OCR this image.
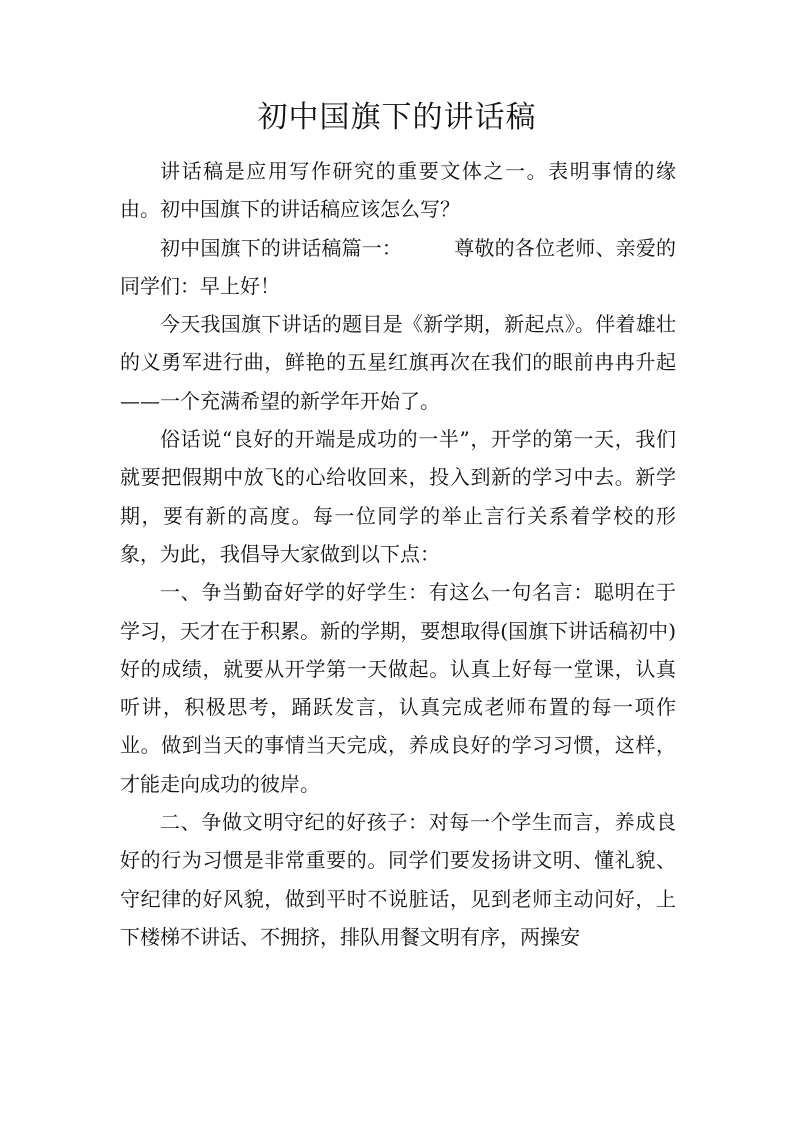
初中国旗下的讲话稿

讲话稿是应用写作研究的重要文体之一。表明事情的缘由。初中国旗下的讲话稿应该怎么写？

初中国旗下的讲话稿篇一：	尊敬的各位老师、亲爱的同学们：早上好！

今天我国旗下讲话的题目是《新学期，新起点》。伴着雄壮的义勇军进行曲，鲜艳的五星红旗再次在我们的眼前冉冉升起——一个充满希望的新学年开始了。

俗话说“良好的开端是成功的一半”，开学的第一天，我们就要把假期中放飞的心给收回来，投入到新的学习中去。新学期，要有新的高度。每一位同学的举止言行关系着学校的形象，为此，我倡导大家做到以下点：

一、争当勤奋好学的好学生：有这么一句名言：聪明在于学习，天才在于积累。新的学期，要想取得(国旗下讲话稿初中)好的成绩，就要从开学第一天做起。认真上好每一堂课，认真听讲，积极思考，踊跃发言，认真完成老师布置的每一项作业。做到当天的事情当天完成，养成良好的学习习惯，这样，才能走向成功的彼岸。

二、争做文明守纪的好孩子：对每一个学生而言，养成良好的行为习惯是非常重要的。同学们要发扬讲文明、懂礼貌、守纪律的好风貌，做到平时不说脏话，见到老师主动问好，上下楼梯不讲话、不拥挤，排队用餐文明有序，两操安
